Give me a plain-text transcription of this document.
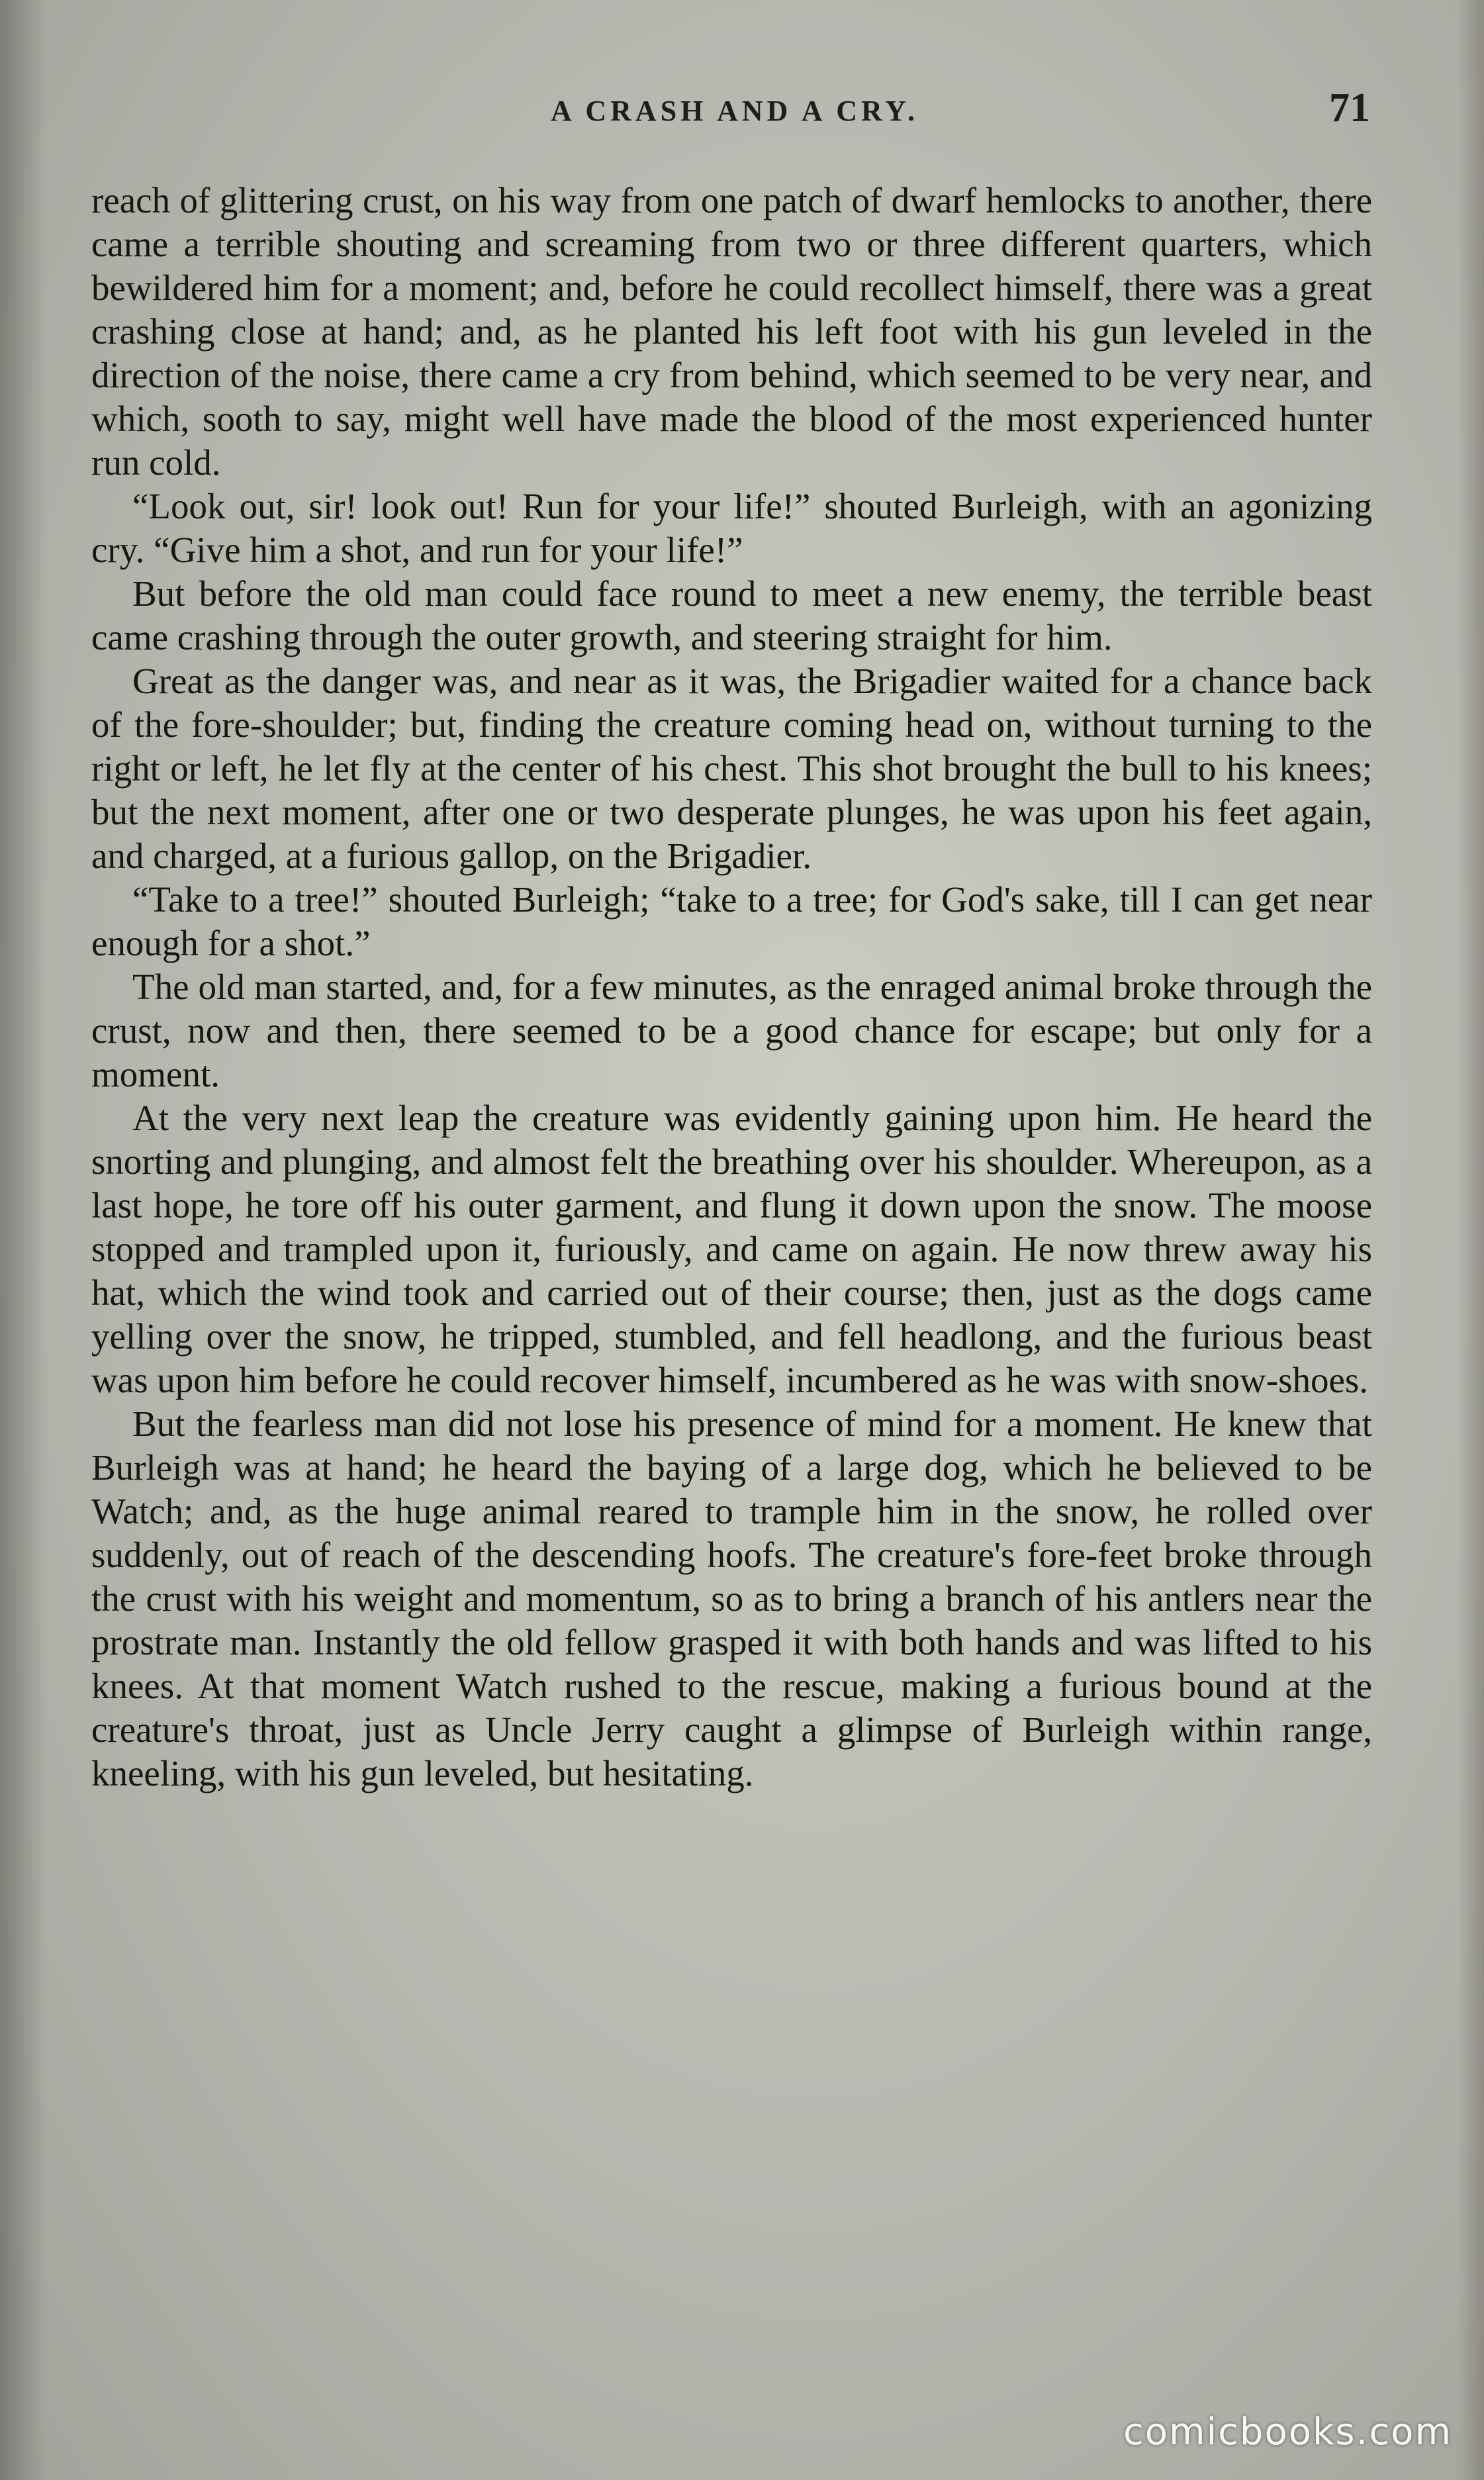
A CRASH AND A CRY.	71

reach of glittering crust, on his way from one patch of dwarf hemlocks to another, there came a terrible shouting and screaming from two or three different quarters, which bewildered him for a moment; and, before he could recollect himself, there was a great crashing close at hand; and, as he planted his left foot with his gun leveled in the direction of the noise, there came a cry from behind, which seemed to be very near, and which, sooth to say, might well have made the blood of the most experienced hunter run cold.

“Look out, sir! look out! Run for your life!” shouted Burleigh, with an agonizing cry. “Give him a shot, and run for your life!”

But before the old man could face round to meet a new enemy, the terrible beast came crashing through the outer growth, and steering straight for him.

Great as the danger was, and near as it was, the Brigadier waited for a chance back of the fore-shoulder; but, finding the creature coming head on, without turning to the right or left, he let fly at the center of his chest. This shot brought the bull to his knees; but the next moment, after one or two desperate plunges, he was upon his feet again, and charged, at a furious gallop, on the Brigadier.

“Take to a tree!” shouted Burleigh; “take to a tree; for God's sake, till I can get near enough for a shot.”

The old man started, and, for a few minutes, as the enraged animal broke through the crust, now and then, there seemed to be a good chance for escape; but only for a moment.

At the very next leap the creature was evidently gaining upon him. He heard the snorting and plunging, and almost felt the breathing over his shoulder. Whereupon, as a last hope, he tore off his outer garment, and flung it down upon the snow. The moose stopped and trampled upon it, furiously, and came on again. He now threw away his hat, which the wind took and carried out of their course; then, just as the dogs came yelling over the snow, he tripped, stumbled, and fell headlong, and the furious beast was upon him before he could recover himself, incumbered as he was with snow-shoes.

But the fearless man did not lose his presence of mind for a moment. He knew that Burleigh was at hand; he heard the baying of a large dog, which he believed to be Watch; and, as the huge animal reared to trample him in the snow, he rolled over suddenly, out of reach of the descending hoofs. The creature's fore-feet broke through the crust with his weight and momentum, so as to bring a branch of his antlers near the prostrate man. Instantly the old fellow grasped it with both hands and was lifted to his knees. At that moment Watch rushed to the rescue, making a furious bound at the creature's throat, just as Uncle Jerry caught a glimpse of Burleigh within range, kneeling, with his gun leveled, but hesitating.

comicbooks.com
